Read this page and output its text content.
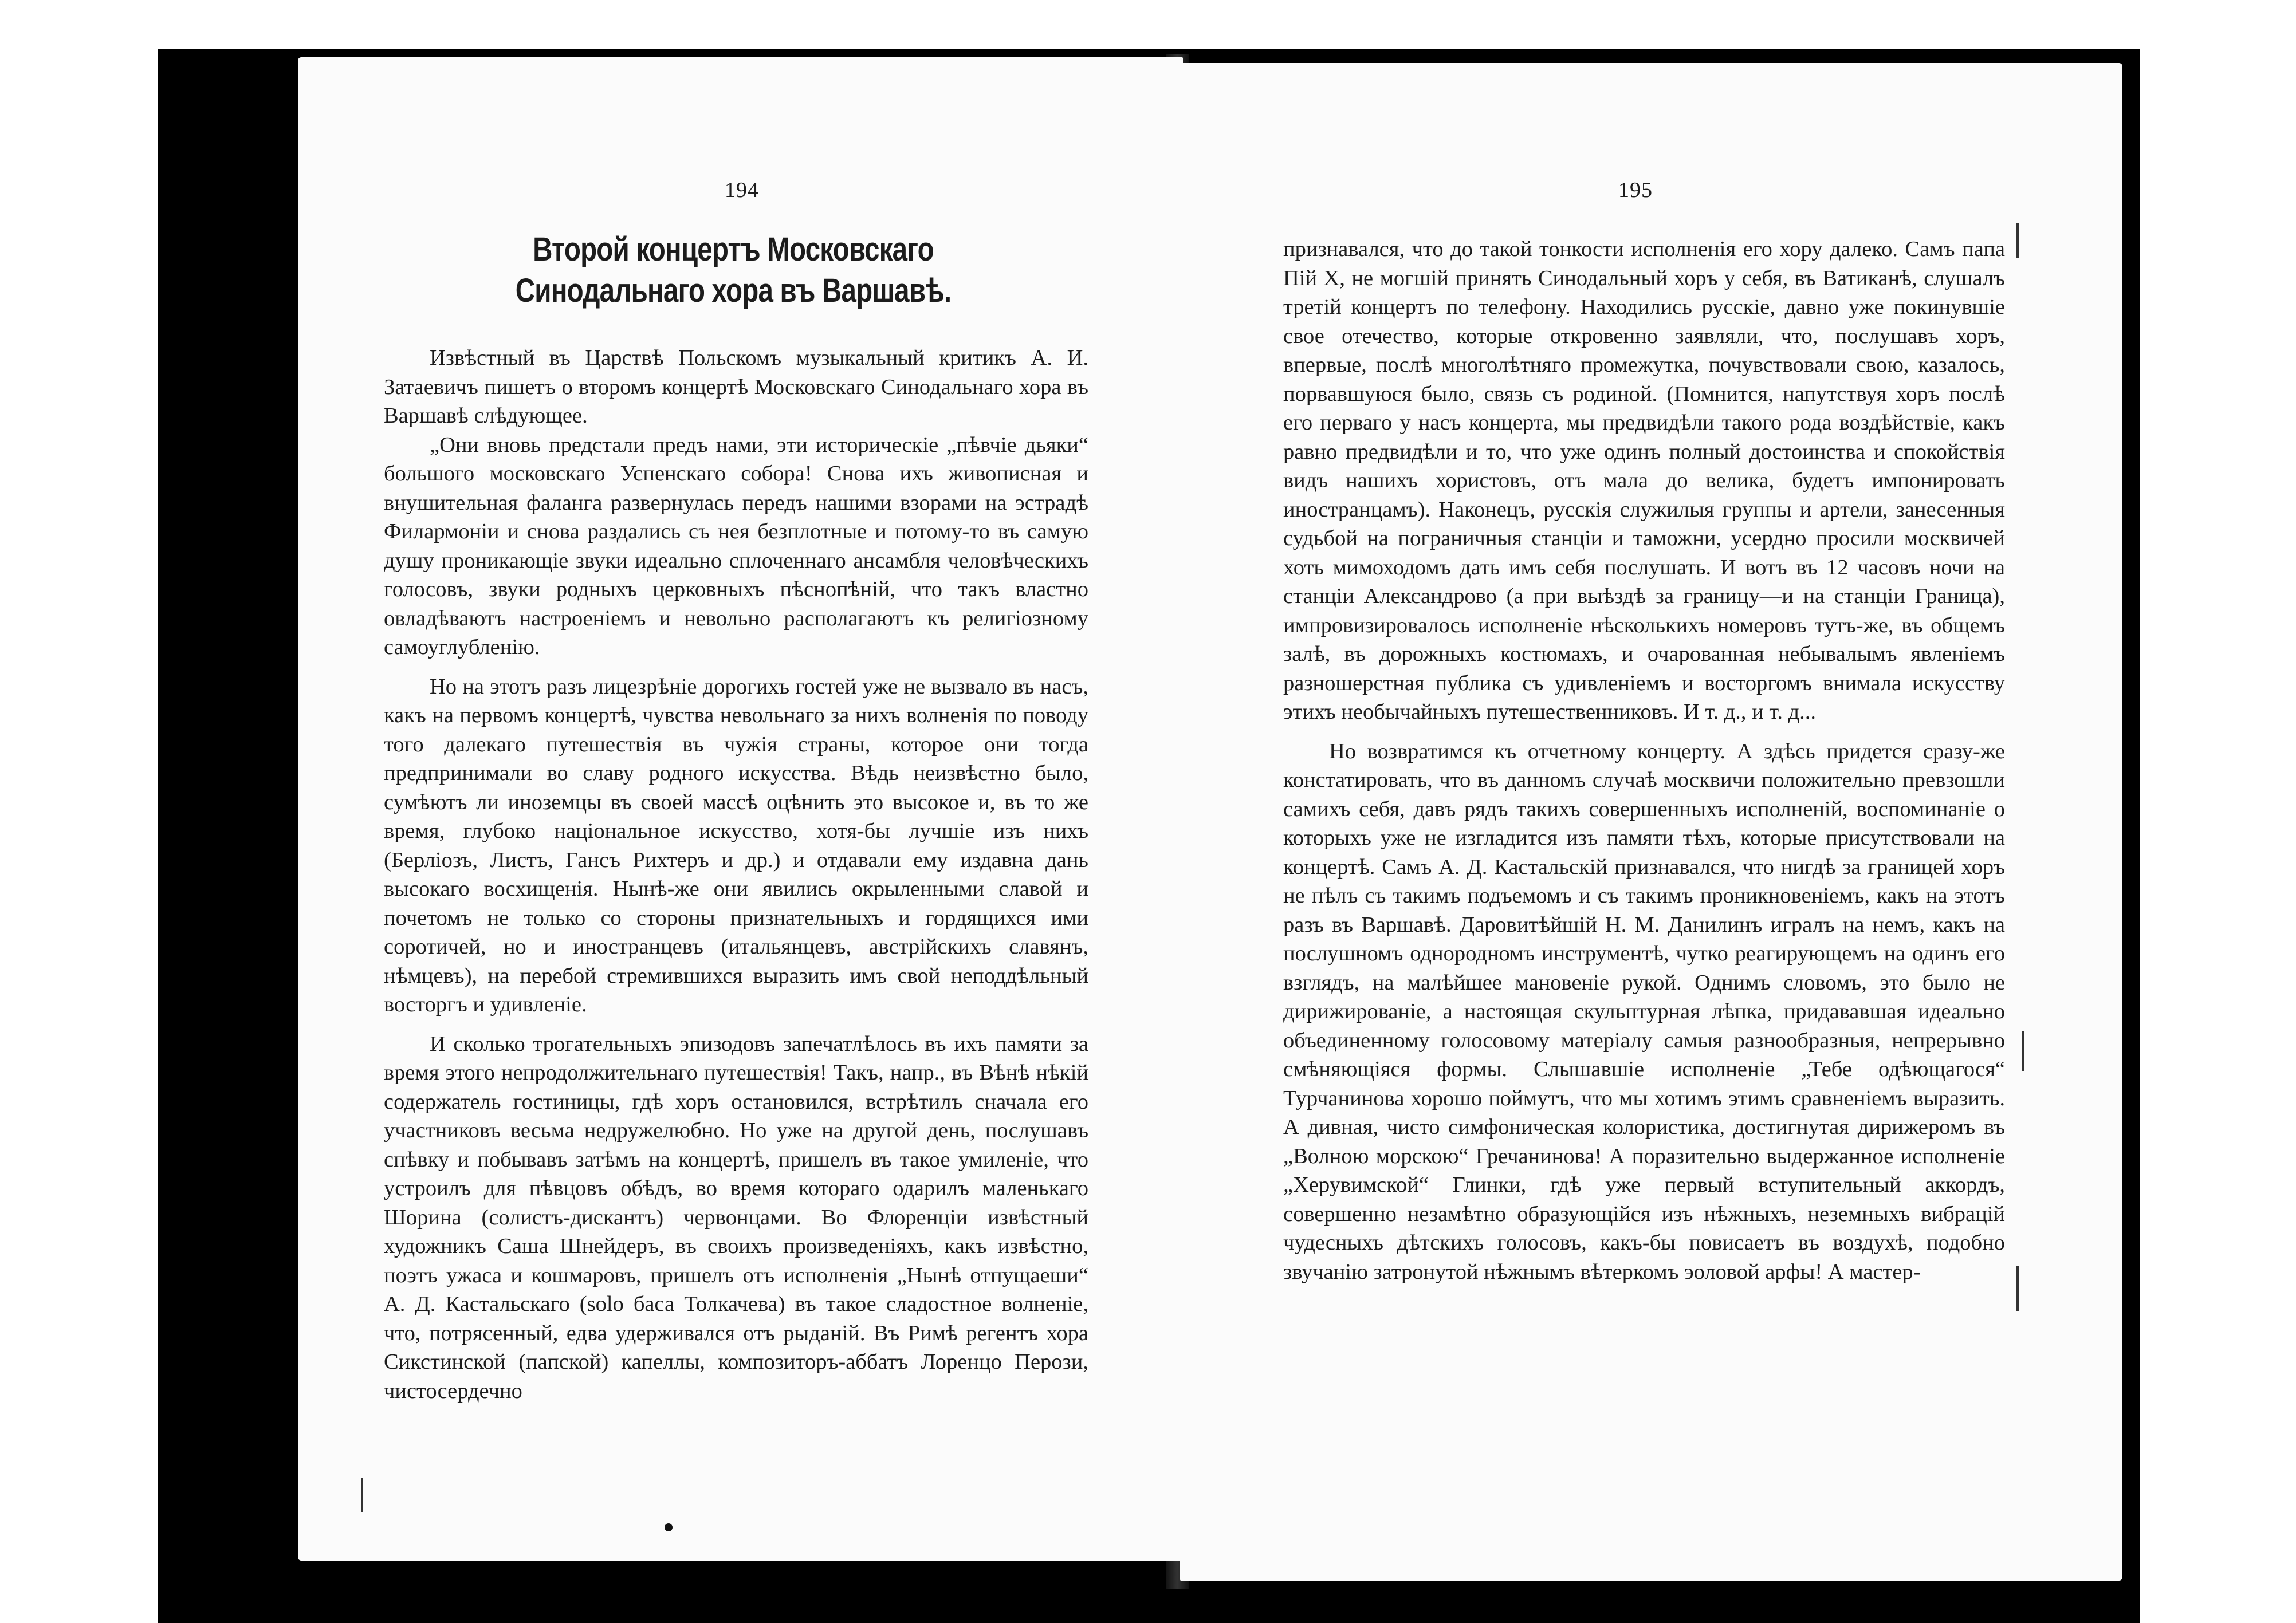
194
Второй концертъ Московскаго Синодальнаго хора въ Варшавѣ.

Извѣстный въ Царствѣ Польскомъ музыкальный критикъ А. И. Затаевичъ пишетъ о второмъ концертѣ Московскаго Синодальнаго хора въ Варшавѣ слѣдующее.

„Они вновь предстали предъ нами, эти историческіе „пѣвчіе дьяки“ большого московскаго Успенскаго собора! Снова ихъ живописная и внушительная фаланга развернулась передъ нашими взорами на эстрадѣ Филармоніи и снова раздались съ нея безплотные и потому-то въ самую душу проникающіе звуки идеально сплоченнаго ансамбля человѣческихъ голосовъ, звуки родныхъ церковныхъ пѣснопѣній, что такъ властно овладѣваютъ настроеніемъ и невольно располагаютъ къ религіозному самоуглубленію.

Но на этотъ разъ лицезрѣніе дорогихъ гостей уже не вызвало въ насъ, какъ на первомъ концертѣ, чувства невольнаго за нихъ волненія по поводу того далекаго путешествія въ чужія страны, которое они тогда предпринимали во славу родного искусства. Вѣдь неизвѣстно было, сумѣютъ ли иноземцы въ своей массѣ оцѣнить это высокое и, въ то же время, глубоко національное искусство, хотя-бы лучшіе изъ нихъ (Берліозъ, Листъ, Гансъ Рихтеръ и др.) и отдавали ему издавна дань высокаго восхищенія. Нынѣ-же они явились окрыленными славой и почетомъ не только со стороны признательныхъ и гордящихся ими соротичей, но и иностранцевъ (итальянцевъ, австрійскихъ славянъ, нѣмцевъ), на перебой стремившихся выразить имъ свой неподдѣльный восторгъ и удивленіе.

И сколько трогательныхъ эпизодовъ запечатлѣлось въ ихъ памяти за время этого непродолжительнаго путешествія! Такъ, напр., въ Вѣнѣ нѣкій содержатель гостиницы, гдѣ хоръ остановился, встрѣтилъ сначала его участниковъ весьма недружелюбно. Но уже на другой день, послушавъ спѣвку и побывавъ затѣмъ на концертѣ, пришелъ въ такое умиленіе, что устроилъ для пѣвцовъ обѣдъ, во время котораго одарилъ маленькаго Шорина (солистъ-дискантъ) червонцами. Во Флоренціи извѣстный художникъ Саша Шнейдеръ, въ своихъ произведеніяхъ, какъ извѣстно, поэтъ ужаса и кошмаровъ, пришелъ отъ исполненія „Нынѣ отпущаеши“ А. Д. Кастальскаго (solo баса Толкачева) въ такое сладостное волненіе, что, потрясенный, едва удерживался отъ рыданій. Въ Римѣ регентъ хора Сикстинской (папской) капеллы, композиторъ-аббатъ Лоренцо Перози, чистосердечно

195

признавался, что до такой тонкости исполненія его хору далеко. Самъ папа Пій X, не могшій принять Синодальный хоръ у себя, въ Ватиканѣ, слушалъ третій концертъ по телефону. Находились русскіе, давно уже покинувшіе свое отечество, которые откровенно заявляли, что, послушавъ хоръ, впервые, послѣ многолѣтняго промежутка, почувствовали свою, казалось, порвавшуюся было, связь съ родиной. (Помнится, напутствуя хоръ послѣ его перваго у насъ концерта, мы предвидѣли такого рода воздѣйствіе, какъ равно предвидѣли и то, что уже одинъ полный достоинства и спокойствія видъ нашихъ хористовъ, отъ мала до велика, будетъ импонировать иностранцамъ). Наконецъ, русскія служилыя группы и артели, занесенныя судьбой на пограничныя станціи и таможни, усердно просили москвичей хоть мимоходомъ дать имъ себя послушать. И вотъ въ 12 часовъ ночи на станціи Александрово (а при выѣздѣ за границу—и на станціи Граница), импровизировалось исполненіе нѣсколькихъ номеровъ тутъ-же, въ общемъ залѣ, въ дорожныхъ костюмахъ, и очарованная небывалымъ явленіемъ разношерстная публика съ удивленіемъ и восторгомъ внимала искусству этихъ необычайныхъ путешественниковъ. И т. д., и т. д...

Но возвратимся къ отчетному концерту. А здѣсь придется сразу-же констатировать, что въ данномъ случаѣ москвичи положительно превзошли самихъ себя, давъ рядъ такихъ совершенныхъ исполненій, воспоминаніе о которыхъ уже не изгладится изъ памяти тѣхъ, которые присутствовали на концертѣ. Самъ А. Д. Кастальскій признавался, что нигдѣ за границей хоръ не пѣлъ съ такимъ подъемомъ и съ такимъ проникновеніемъ, какъ на этотъ разъ въ Варшавѣ. Даровитѣйшій Н. М. Данилинъ игралъ на немъ, какъ на послушномъ однородномъ инструментѣ, чутко реагирующемъ на одинъ его взглядъ, на малѣйшее мановеніе рукой. Однимъ словомъ, это было не дирижированіе, а настоящая скульптурная лѣпка, придававшая идеально объединенному голосовому матеріалу самыя разнообразныя, непрерывно смѣняющіяся формы. Слышавшіе исполненіе „Тебе одѣющагося“ Турчанинова хорошо поймутъ, что мы хотимъ этимъ сравненіемъ выразить. А дивная, чисто симфоническая колористика, достигнутая дирижеромъ въ „Волною морскою“ Гречанинова! А поразительно выдержанное исполненіе „Херувимской“ Глинки, гдѣ уже первый вступительный аккордъ, совершенно незамѣтно образующійся изъ нѣжныхъ, неземныхъ вибрацій чудесныхъ дѣтскихъ голосовъ, какъ-бы повисаетъ въ воздухѣ, подобно звучанію затронутой нѣжнымъ вѣтеркомъ эоловой арфы! А мастер-
